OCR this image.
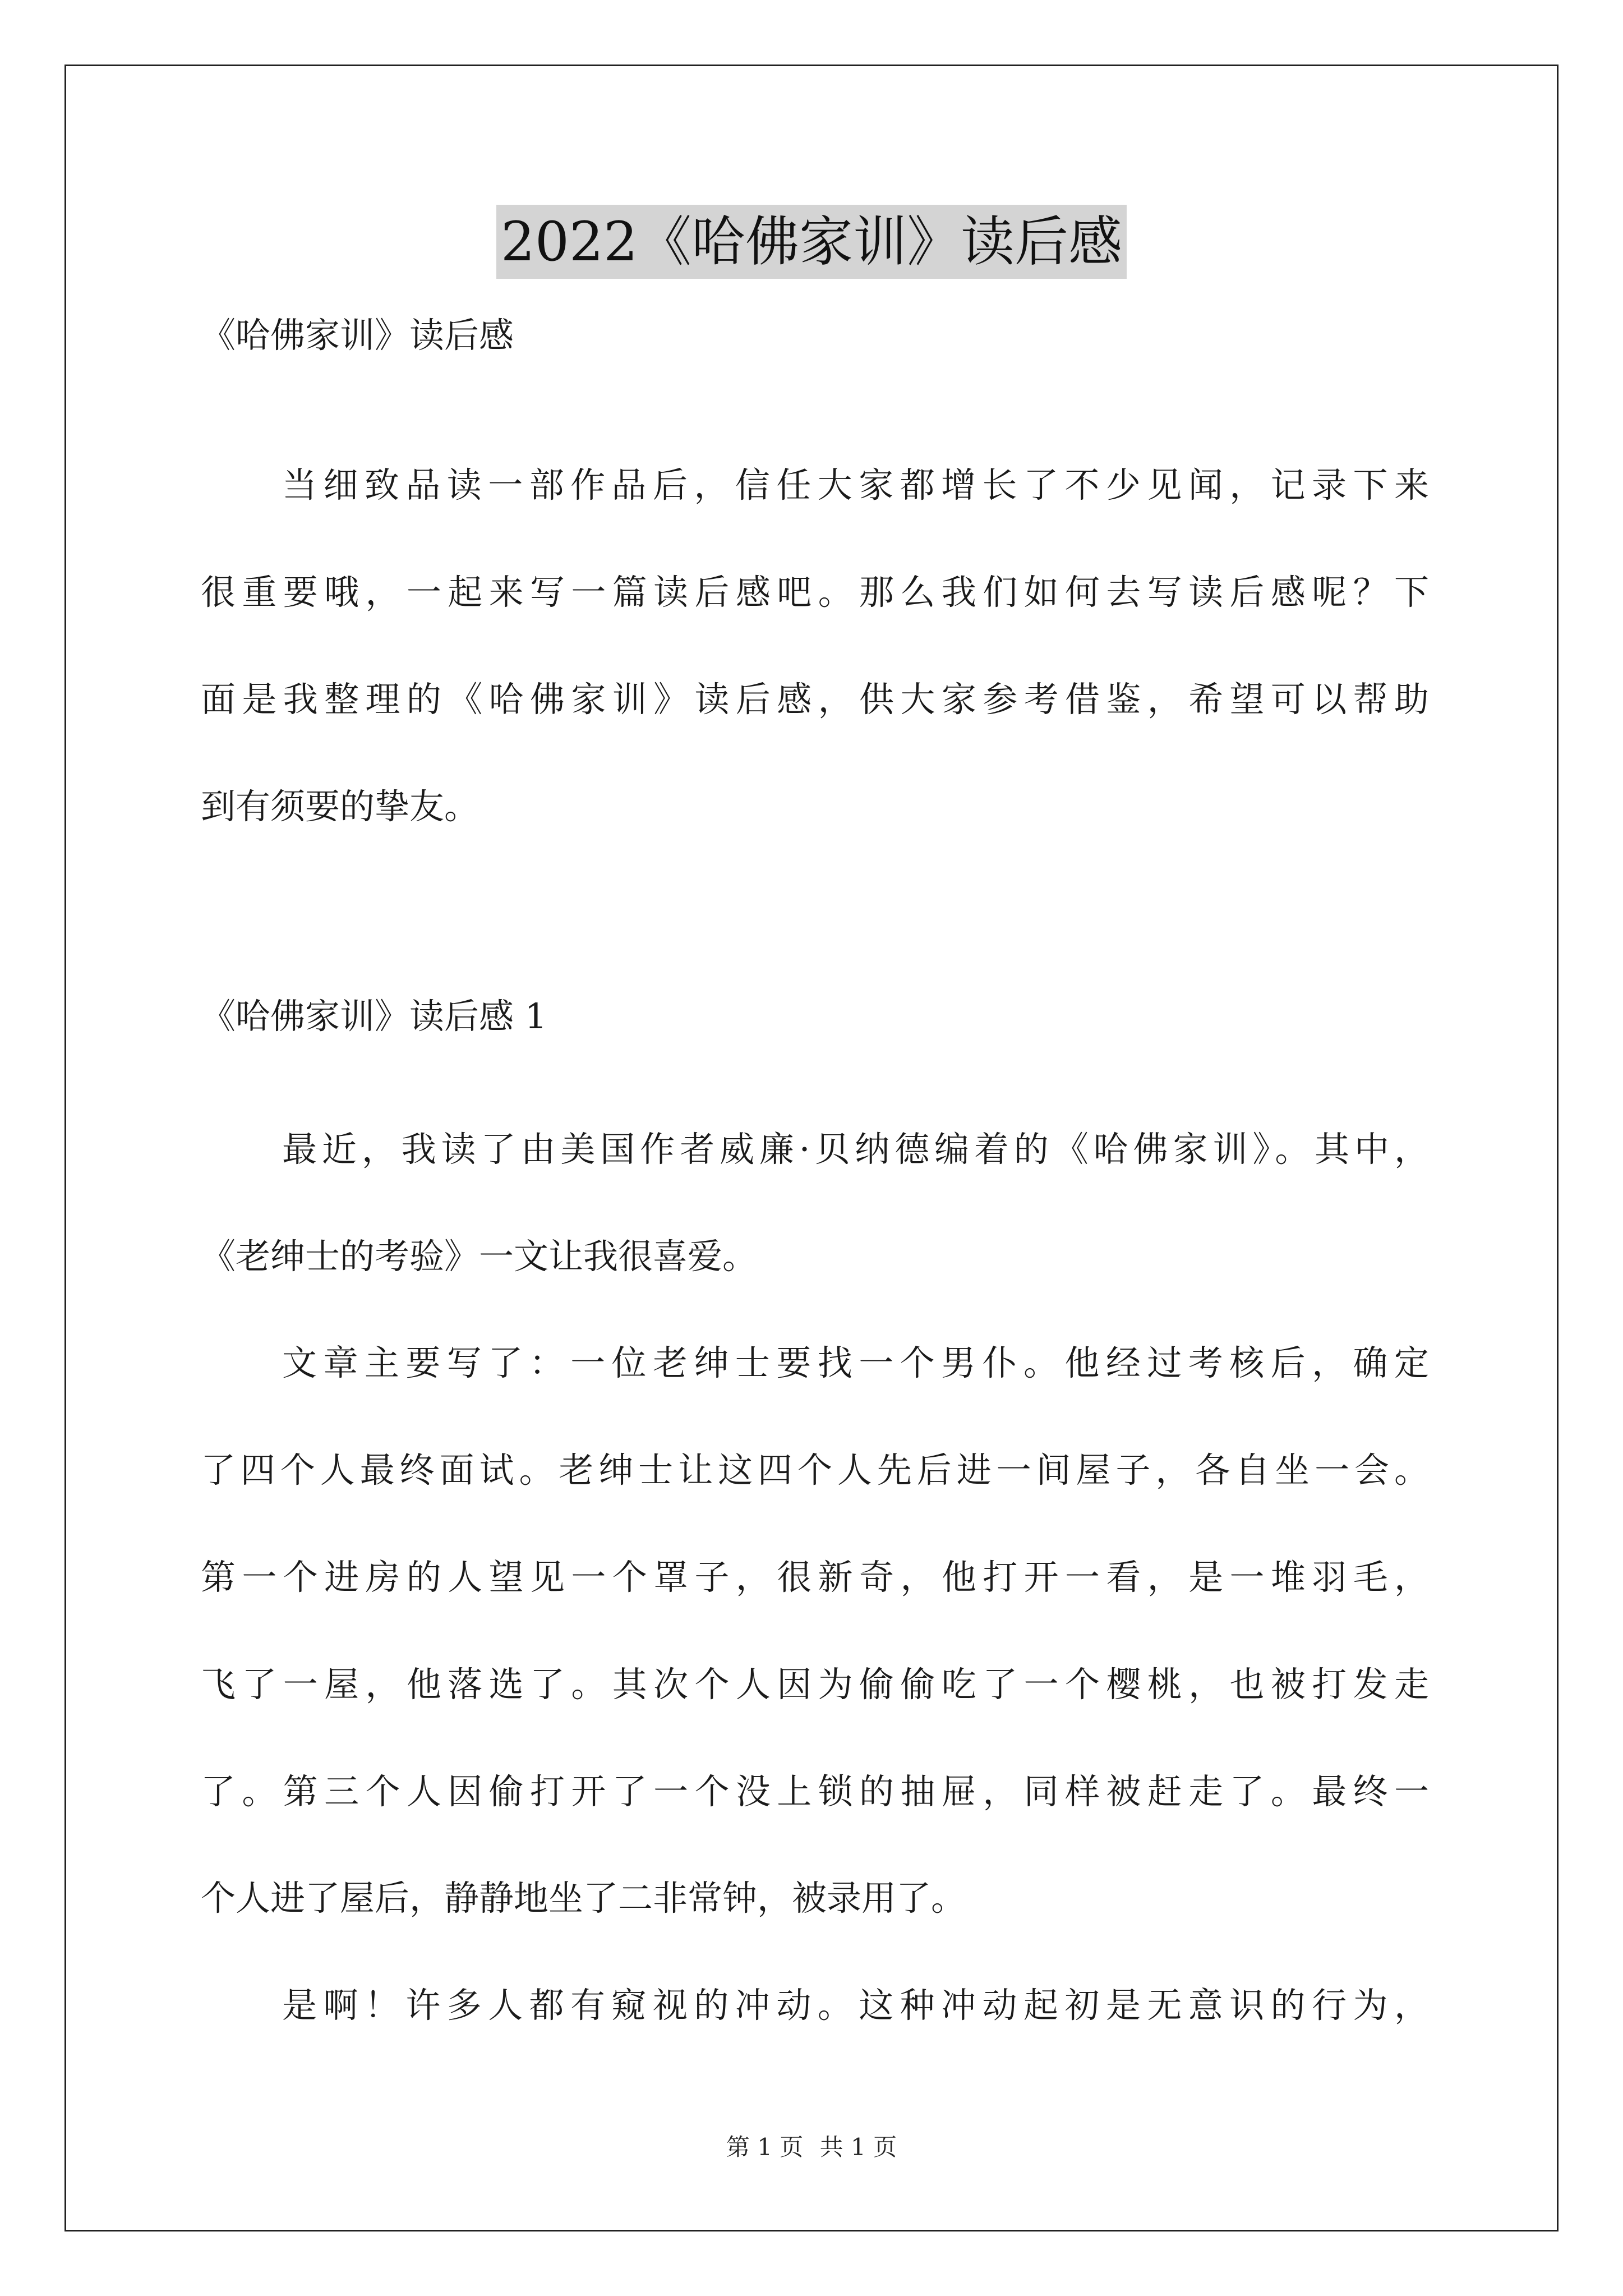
2022《哈佛家训》读后感
《哈佛家训》读后感
当细致品读一部作品后，信任大家都增长了不少见闻，记录下来
很重要哦，一起来写一篇读后感吧。那么我们如何去写读后感呢？下
面是我整理的《哈佛家训》读后感，供大家参考借鉴，希望可以帮助
到有须要的挚友。
《哈佛家训》读后感 1
最近，我读了由美国作者威廉·贝纳德编着的《哈佛家训》。其中，
《老绅士的考验》一文让我很喜爱。
文章主要写了：一位老绅士要找一个男仆。他经过考核后，确定
了四个人最终面试。老绅士让这四个人先后进一间屋子，各自坐一会。
第一个进房的人望见一个罩子，很新奇，他打开一看，是一堆羽毛，
飞了一屋，他落选了。其次个人因为偷偷吃了一个樱桃，也被打发走
了。第三个人因偷打开了一个没上锁的抽屉，同样被赶走了。最终一
个人进了屋后，静静地坐了二非常钟，被录用了。
是啊！许多人都有窥视的冲动。这种冲动起初是无意识的行为，
第 1 页 共 1 页
